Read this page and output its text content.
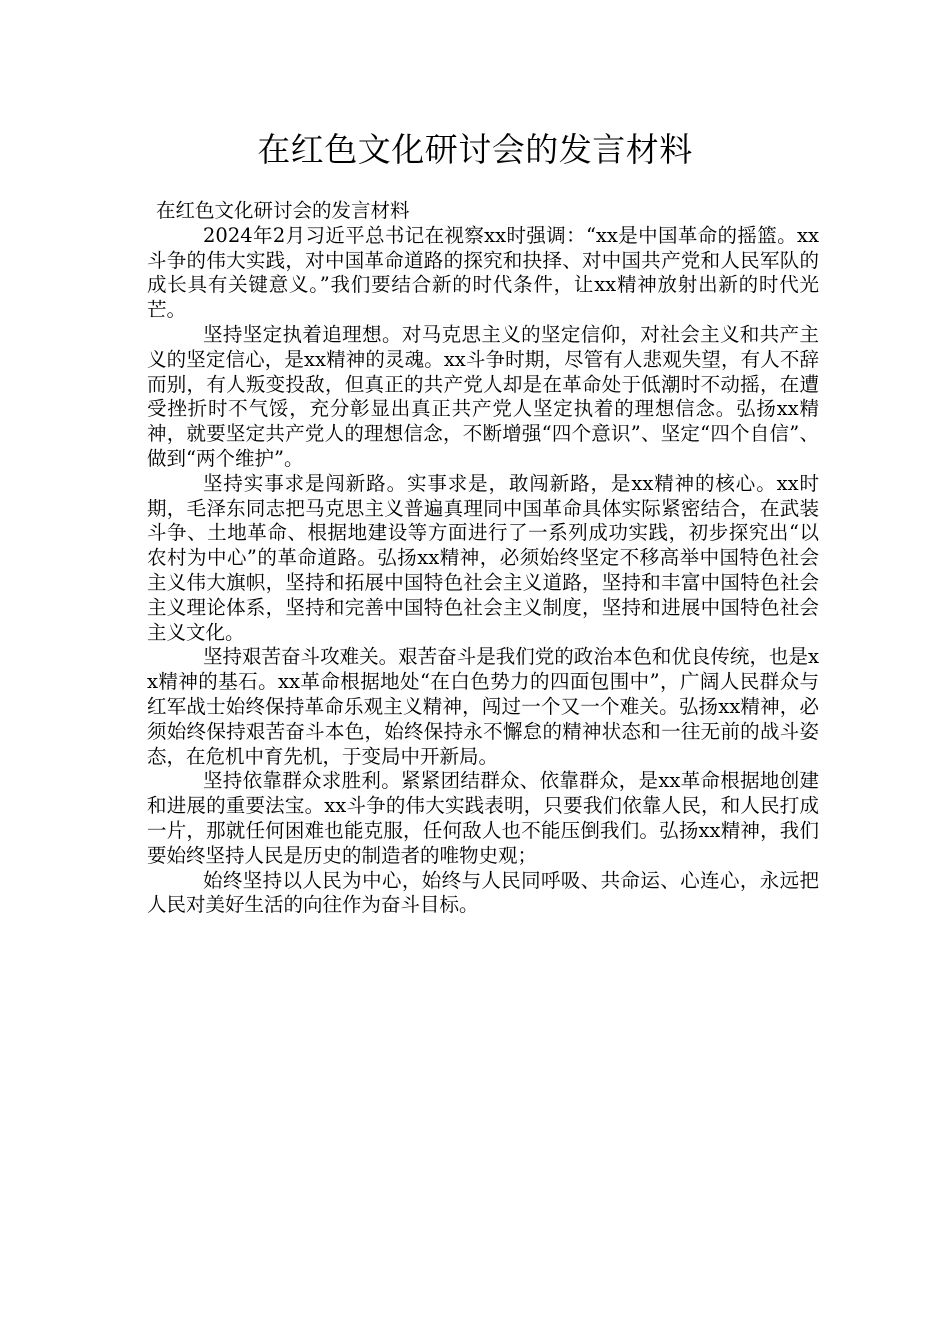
在红色文化研讨会的发言材料

在红色文化研讨会的发言材料

2024年2月习近平总书记在视察xx时强调：“xx是中国革命的摇篮。xx斗争的伟大实践，对中国革命道路的探究和抉择、对中国共产党和人民军队的成长具有关键意义。”我们要结合新的时代条件，让xx精神放射出新的时代光芒。

坚持坚定执着追理想。对马克思主义的坚定信仰，对社会主义和共产主义的坚定信心，是xx精神的灵魂。xx斗争时期，尽管有人悲观失望，有人不辞而别，有人叛变投敌，但真正的共产党人却是在革命处于低潮时不动摇，在遭受挫折时不气馁，充分彰显出真正共产党人坚定执着的理想信念。弘扬xx精神，就要坚定共产党人的理想信念，不断增强“四个意识”、坚定“四个自信”、做到“两个维护”。

坚持实事求是闯新路。实事求是，敢闯新路，是xx精神的核心。xx时期，毛泽东同志把马克思主义普遍真理同中国革命具体实际紧密结合，在武装斗争、土地革命、根据地建设等方面进行了一系列成功实践，初步探究出“以农村为中心”的革命道路。弘扬xx精神，必须始终坚定不移高举中国特色社会主义伟大旗帜，坚持和拓展中国特色社会主义道路，坚持和丰富中国特色社会主义理论体系，坚持和完善中国特色社会主义制度，坚持和进展中国特色社会主义文化。

坚持艰苦奋斗攻难关。艰苦奋斗是我们党的政治本色和优良传统，也是xx精神的基石。xx革命根据地处“在白色势力的四面包围中”，广阔人民群众与红军战士始终保持革命乐观主义精神，闯过一个又一个难关。弘扬xx精神，必须始终保持艰苦奋斗本色，始终保持永不懈怠的精神状态和一往无前的战斗姿态，在危机中育先机，于变局中开新局。

坚持依靠群众求胜利。紧紧团结群众、依靠群众，是xx革命根据地创建和进展的重要法宝。xx斗争的伟大实践表明，只要我们依靠人民，和人民打成一片，那就任何困难也能克服，任何敌人也不能压倒我们。弘扬xx精神，我们要始终坚持人民是历史的制造者的唯物史观；

始终坚持以人民为中心，始终与人民同呼吸、共命运、心连心，永远把人民对美好生活的向往作为奋斗目标。
